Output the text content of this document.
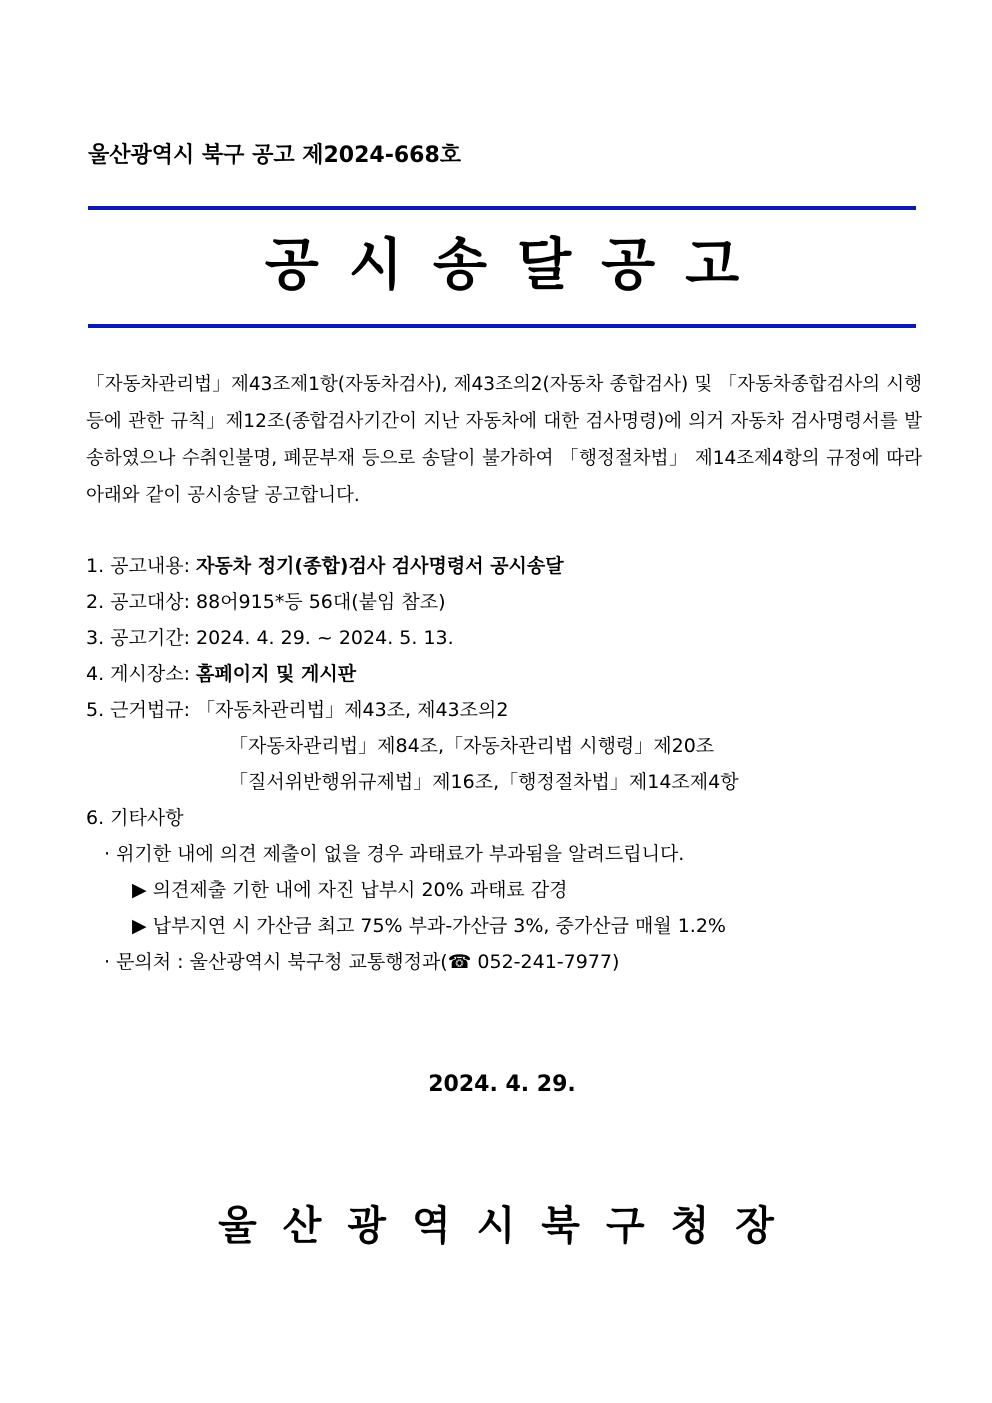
울산광역시 북구 공고 제2024-668호
공시송달공고
「자동차관리법」제43조제1항(자동차검사), 제43조의2(자동차 종합검사) 및 「자동차종합검사의 시행 등에 관한 규칙」제12조(종합검사기간이 지난 자동차에 대한 검사명령)에 의거 자동차 검사명령서를 발송하였으나 수취인불명, 폐문부재 등으로 송달이 불가하여 「행정절차법」 제14조제4항의 규정에 따라 아래와 같이 공시송달 공고합니다.
1. 공고내용: 자동차 정기(종합)검사 검사명령서 공시송달
2. 공고대상: 88어915*등 56대(붙임 참조)
3. 공고기간: 2024. 4. 29. ~ 2024. 5. 13.
4. 게시장소: 홈페이지 및 게시판
5. 근거법규: 「자동차관리법」제43조, 제43조의2
「자동차관리법」제84조,「자동차관리법 시행령」제20조
「질서위반행위규제법」제16조,「행정절차법」제14조제4항
6. 기타사항
· 위기한 내에 의견 제출이 없을 경우 과태료가 부과됨을 알려드립니다.
▶ 의견제출 기한 내에 자진 납부시 20% 과태료 감경
▶ 납부지연 시 가산금 최고 75% 부과-가산금 3%, 중가산금 매월 1.2%
· 문의처 : 울산광역시 북구청 교통행정과(☎ 052-241-7977)
2024. 4. 29.
울산광역시북구청장
